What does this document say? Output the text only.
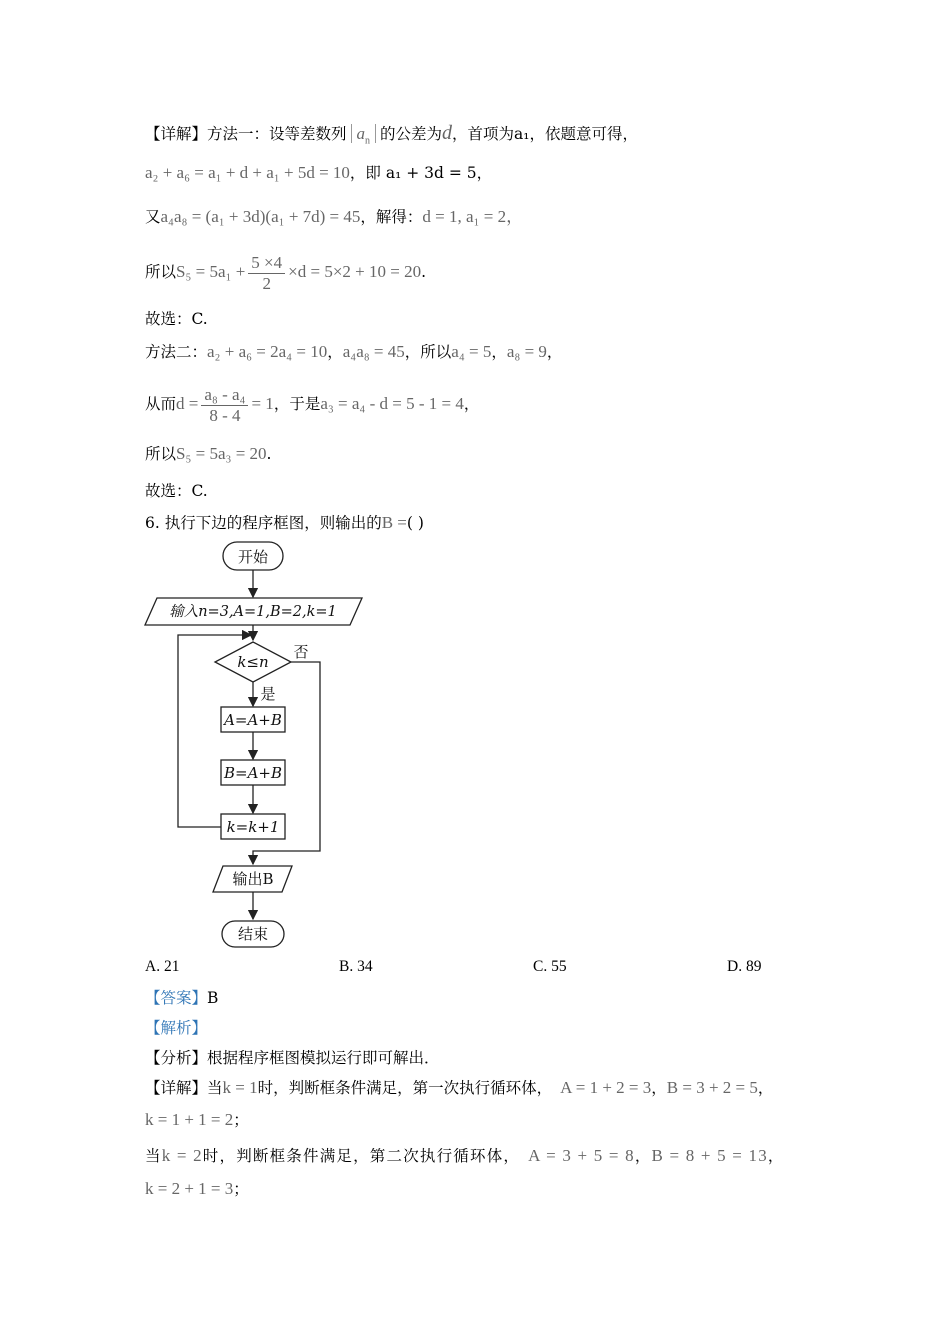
【详解】方法一：设等差数列 $a_n$ 的公差为d，首项为a₁，依题意可得，
a₂ + a₆ = a₁ + d + a₁ + 5d = 10，即 a₁ + 3d = 5，
又a₄a₈ = (a₁ + 3d)(a₁ + 7d) = 45，解得：d = 1, a₁ = 2，
所以$S_5 = 5a_1 + \frac{5 \times 4}{2} \times d = 5\times 2 + 10 = 20$.
故选：C.
方法二：a₂ + a₆ = 2a₄ = 10，a₄a₈ = 45，所以a₄ = 5，a₈ = 9，
从而$d = \frac{\text{a₈ - a₄}}{8 - 4} = 1$，于是a₃ = a₄ - d = 5 - 1 = 4，
所以S₅ = 5a₃ = 20.
故选：C.
6. 执行下边的程序框图，则输出的B =( )
开始
输入n=3,A=1,B=2,k=1
k≤n
否
是
A=A+B
B=A+B
k=k+1
输出B
结束
A. 21	B. 34	C. 55	D. 89
【答案】B
【解析】
【分析】根据程序框图模拟运行即可解出．
【详解】当k = 1时，判断框条件满足，第一次执行循环体， A = 1 + 2 = 3，B = 3 + 2 = 5，
k = 1 + 1 = 2；
当k = 2时，判断框条件满足，第二次执行循环体， A = 3 + 5 = 8，B = 8 + 5 = 13，
k = 2 + 1 = 3；
